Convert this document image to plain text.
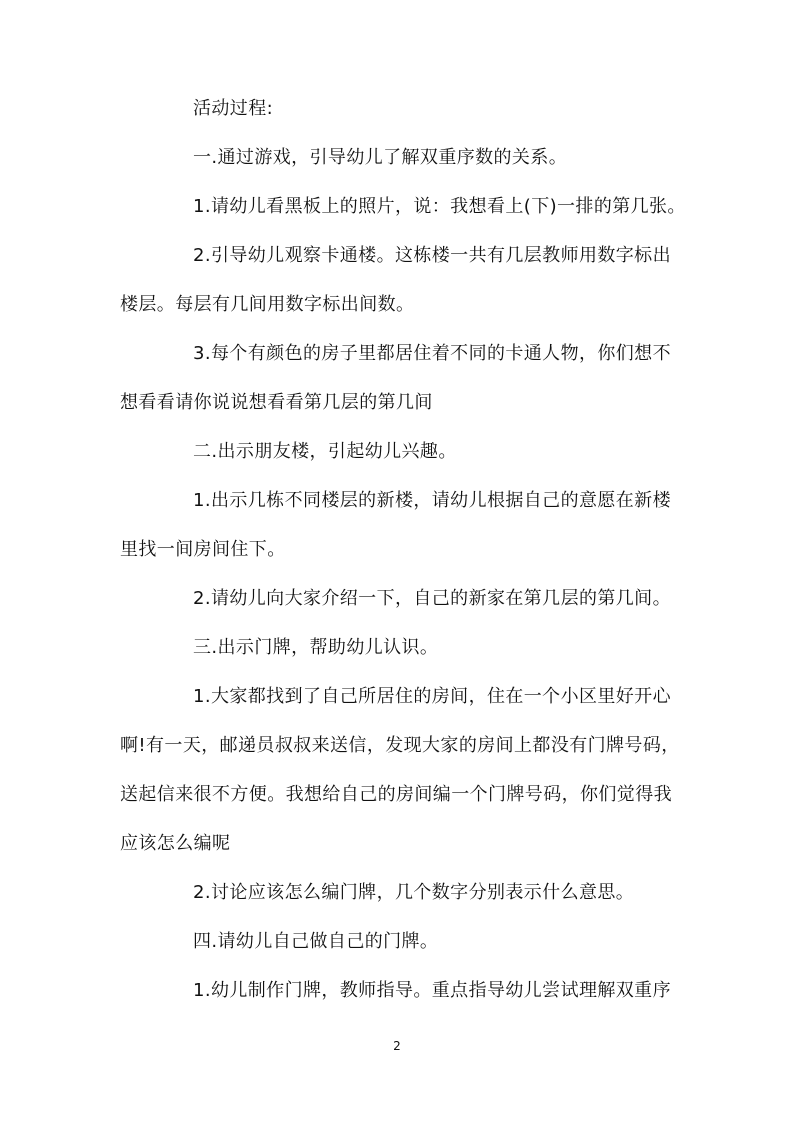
活动过程:
一.通过游戏，引导幼儿了解双重序数的关系。
1.请幼儿看黑板上的照片，说：我想看上(下)一排的第几张。
2.引导幼儿观察卡通楼。这栋楼一共有几层教师用数字标出
楼层。每层有几间用数字标出间数。
3.每个有颜色的房子里都居住着不同的卡通人物，你们想不
想看看请你说说想看看第几层的第几间
二.出示朋友楼，引起幼儿兴趣。
1.出示几栋不同楼层的新楼，请幼儿根据自己的意愿在新楼
里找一间房间住下。
2.请幼儿向大家介绍一下，自己的新家在第几层的第几间。
三.出示门牌，帮助幼儿认识。
1.大家都找到了自己所居住的房间，住在一个小区里好开心
啊!有一天，邮递员叔叔来送信，发现大家的房间上都没有门牌号码，
送起信来很不方便。我想给自己的房间编一个门牌号码，你们觉得我
应该怎么编呢
2.讨论应该怎么编门牌，几个数字分别表示什么意思。
四.请幼儿自己做自己的门牌。
1.幼儿制作门牌，教师指导。重点指导幼儿尝试理解双重序
2
